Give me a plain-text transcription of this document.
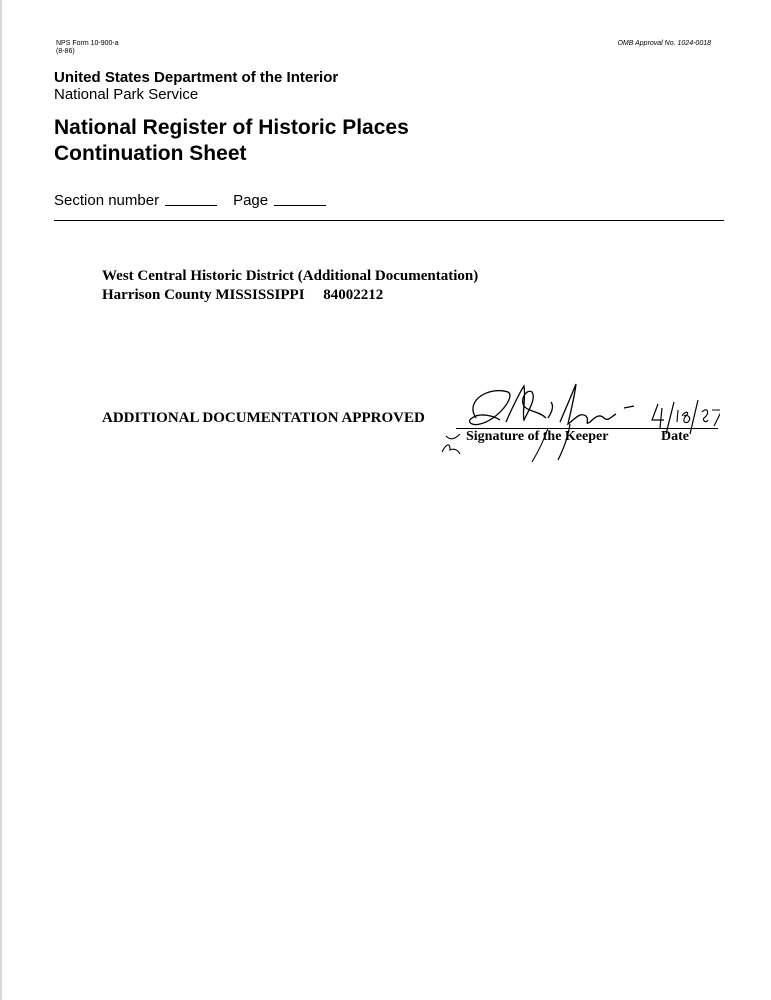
NPS Form 10-900-a
(8-86)
OMB Approval No. 1024-0018
United States Department of the Interior
National Park Service
National Register of Historic Places
Continuation Sheet
Section number	Page
West Central Historic District (Additional Documentation)
Harrison County MISSISSIPPI     84002212
ADDITIONAL DOCUMENTATION APPROVED
Signature of the Keeper	Date
